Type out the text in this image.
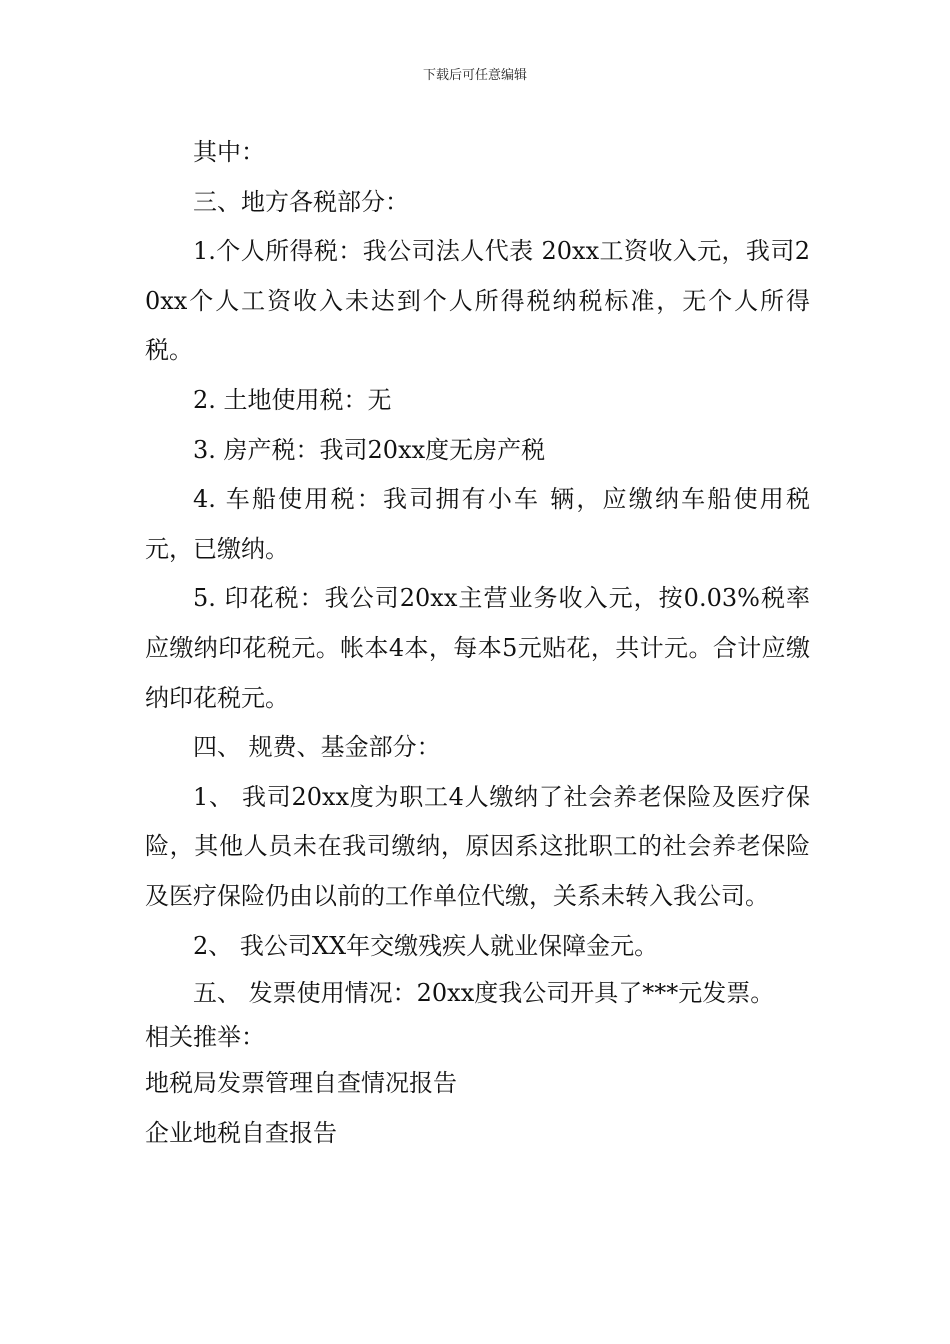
下载后可任意编辑

其中：

三、地方各税部分：

1.个人所得税：我公司法人代表 20xx工资收入元，我司20xx个人工资收入未达到个人所得税纳税标准，无个人所得税。

2. 土地使用税：无

3. 房产税：我司20xx度无房产税

4. 车船使用税：我司拥有小车 辆，应缴纳车船使用税 元，已缴纳。

5. 印花税：我公司20xx主营业务收入元，按0.03%税率应缴纳印花税元。帐本4本，每本5元贴花，共计元。合计应缴纳印花税元。

四、 规费、基金部分：

1、 我司20xx度为职工4人缴纳了社会养老保险及医疗保险，其他人员未在我司缴纳，原因系这批职工的社会养老保险及医疗保险仍由以前的工作单位代缴，关系未转入我公司。

2、 我公司XX年交缴残疾人就业保障金元。

五、 发票使用情况：20xx度我公司开具了***元发票。

相关推举：

地税局发票管理自查情况报告

企业地税自查报告
